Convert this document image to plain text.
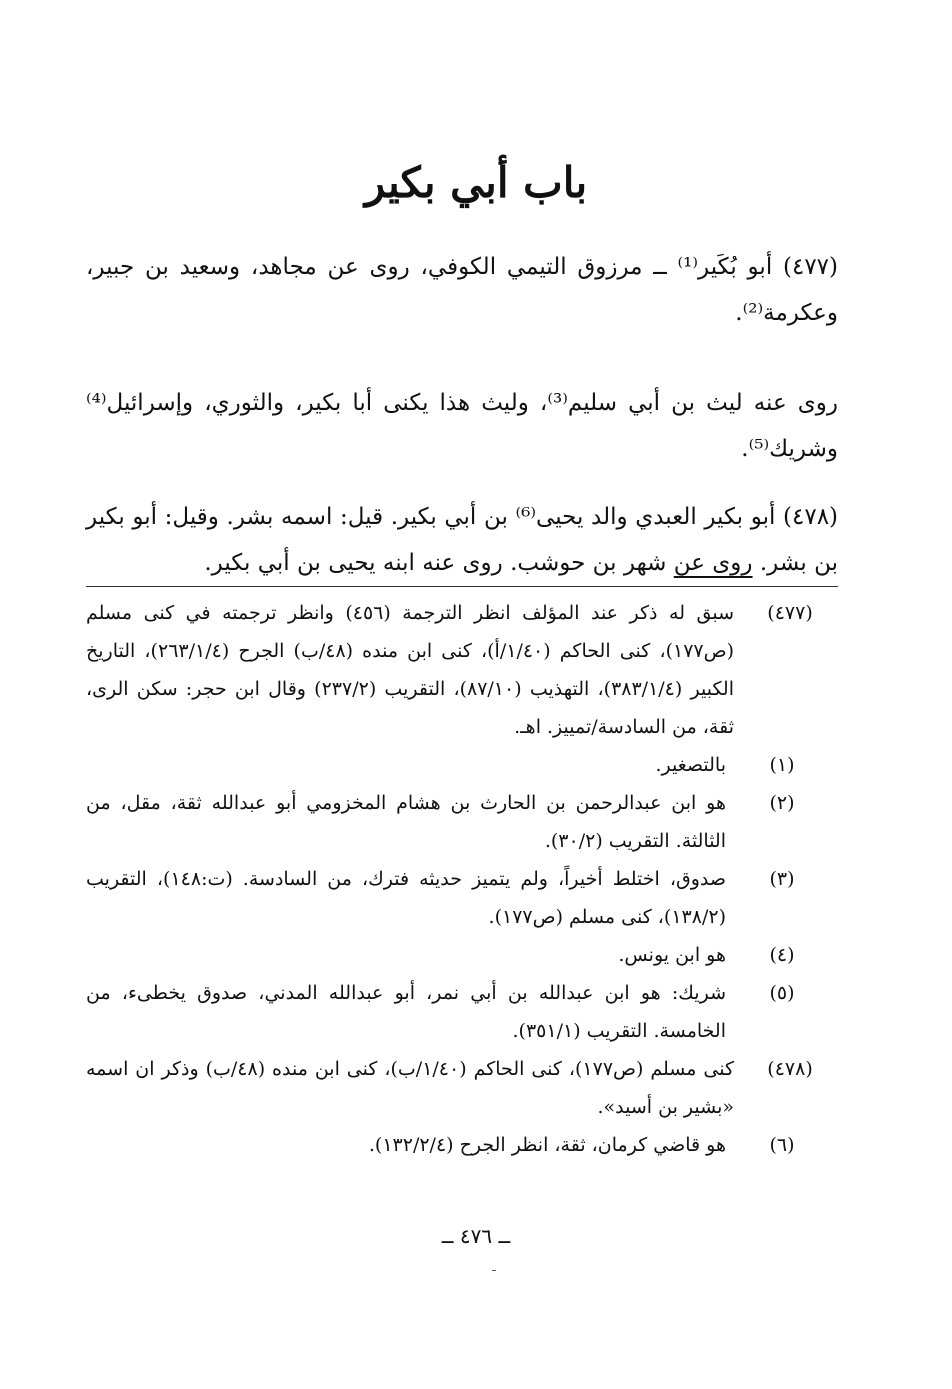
باب أبي بكير

(٤٧٧) أبو بُكَير⁽¹⁾ ــ مرزوق التيمي الكوفي، روى عن مجاهد، وسعيد بن جبير، وعكرمة⁽²⁾.

روى عنه ليث بن أبي سليم⁽³⁾، وليث هذا يكنى أبا بكير، والثوري، وإسرائيل⁽⁴⁾ وشريك⁽⁵⁾.

(٤٧٨) أبو بكير العبدي والد يحيى⁽⁶⁾ بن أبي بكير. قيل: اسمه بشر. وقيل: أبو بكير بن بشر. روى عن شهر بن حوشب. روى عنه ابنه يحيى بن أبي بكير.

(٤٧٧)
سبق له ذكر عند المؤلف انظر الترجمة (٤٥٦) وانظر ترجمته في كنى مسلم (ص١٧٧)، كنى الحاكم (١/٤٠/أ)، كنى ابن منده (٤٨/ب) الجرح (٢٦٣/١/٤)، التاريخ الكبير (٣٨٣/١/٤)، التهذيب (٨٧/١٠)، التقريب (٢٣٧/٢) وقال ابن حجر: سكن الرى، ثقة، من السادسة/تمييز. اهـ.
(١)
بالتصغير.
(٢)
هو ابن عبدالرحمن بن الحارث بن هشام المخزومي أبو عبدالله ثقة، مقل، من الثالثة. التقريب (٣٠/٢).
(٣)
صدوق، اختلط أخيراً، ولم يتميز حديثه فترك، من السادسة. (ت:١٤٨)، التقريب (١٣٨/٢)، كنى مسلم (ص١٧٧).
(٤)
هو ابن يونس.
(٥)
شريك: هو ابن عبدالله بن أبي نمر، أبو عبدالله المدني، صدوق يخطىء، من الخامسة. التقريب (٣٥١/١).
(٤٧٨)
كنى مسلم (ص١٧٧)، كنى الحاكم (١/٤٠/ب)، كنى ابن منده (٤٨/ب) وذكر ان اسمه «بشير بن أسيد».
(٦)
هو قاضي كرمان، ثقة، انظر الجرح (١٣٢/٢/٤).

ــ ٤٧٦ ــ
